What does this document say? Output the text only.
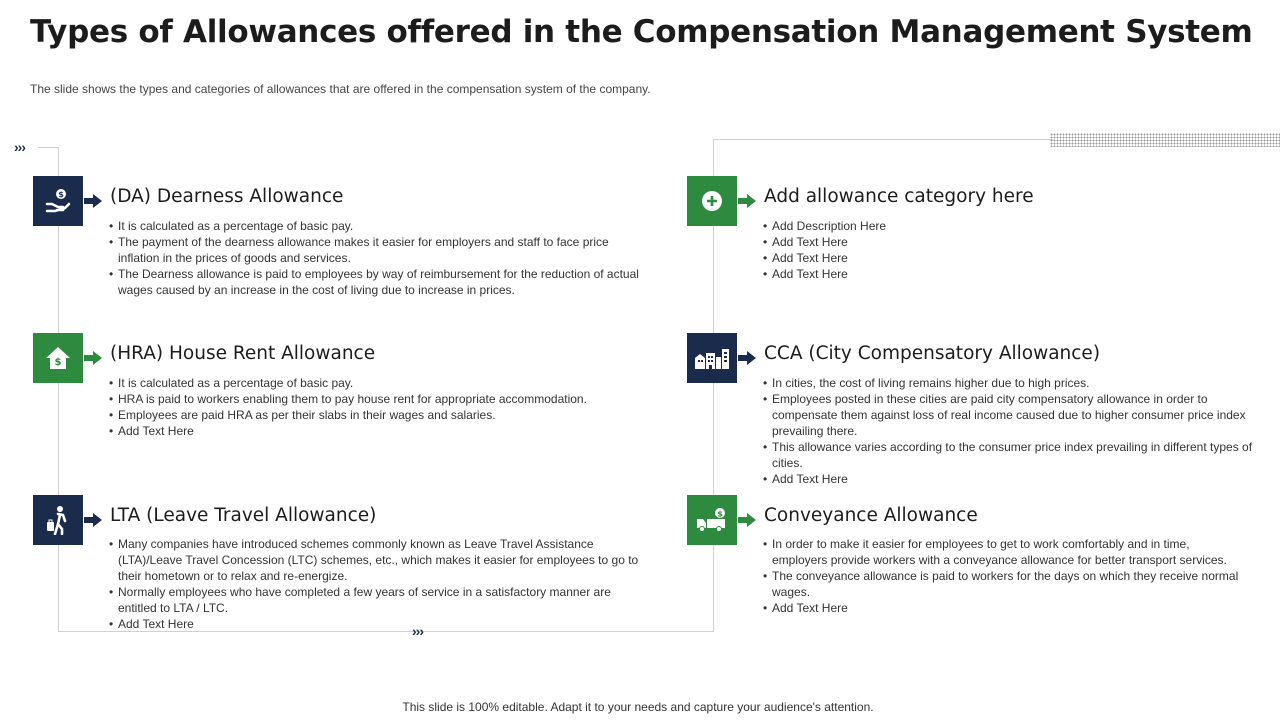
Types of Allowances offered in the Compensation Management System
The slide shows the types and categories of allowances that are offered in the compensation system of the company.
›››
›››
$ (DA) Dearness Allowance
• It is calculated as a percentage of basic pay.
• The payment of the dearness allowance makes it easier for employers and staff to face price inflation in the prices of goods and services.
• The Dearness allowance is paid to employees by way of reimbursement for the reduction of actual wages caused by an increase in the cost of living due to increase in prices.
$	(HRA) House Rent Allowance
• It is calculated as a percentage of basic pay.
• HRA is paid to workers enabling them to pay house rent for appropriate accommodation.
• Employees are paid HRA as per their slabs in their wages and salaries.
• Add Text Here
LTA (Leave Travel Allowance)
• Many companies have introduced schemes commonly known as Leave Travel Assistance (LTA)/Leave Travel Concession (LTC) schemes, etc., which makes it easier for employees to go to their hometown or to relax and re-energize.
• Normally employees who have completed a few years of service in a satisfactory manner are entitled to LTA / LTC.
• Add Text Here
Add allowance category here
• Add Description Here
• Add Text Here
• Add Text Here
• Add Text Here
CCA (City Compensatory Allowance)
• In cities, the cost of living remains higher due to high prices.
• Employees posted in these cities are paid city compensatory allowance in order to compensate them against loss of real income caused due to higher consumer price index prevailing there.
• This allowance varies according to the consumer price index prevailing in different types of cities.
• Add Text Here
$ Conveyance Allowance
• In order to make it easier for employees to get to work comfortably and in time, employers provide workers with a conveyance allowance for better transport services.
• The conveyance allowance is paid to workers for the days on which they receive normal wages.
• Add Text Here
This slide is 100% editable. Adapt it to your needs and capture your audience's attention.
